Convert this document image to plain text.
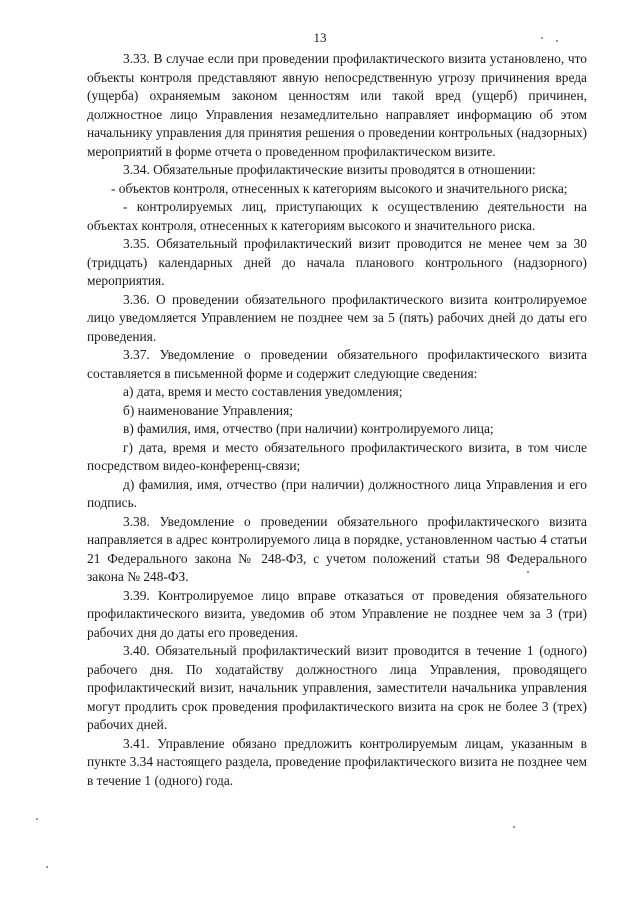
13

3.33. В случае если при проведении профилактического визита установлено, что объекты контроля представляют явную непосредственную угрозу причинения вреда (ущерба) охраняемым законом ценностям или такой вред (ущерб) причинен, должностное лицо Управления незамедлительно направляет информацию об этом начальнику управления для принятия решения о проведении контрольных (надзорных) мероприятий в форме отчета о проведенном профилактическом визите.

3.34. Обязательные профилактические визиты проводятся в отношении:

- объектов контроля, отнесенных к категориям высокого и значительного риска;

- контролируемых лиц, приступающих к осуществлению деятельности на объектах контроля, отнесенных к категориям высокого и значительного риска.

3.35. Обязательный профилактический визит проводится не менее чем за 30 (тридцать) календарных дней до начала планового контрольного (надзорного) мероприятия.

3.36. О проведении обязательного профилактического визита контролируемое лицо уведомляется Управлением не позднее чем за 5 (пять) рабочих дней до даты его проведения.

3.37. Уведомление о проведении обязательного профилактического визита составляется в письменной форме и содержит следующие сведения:

а) дата, время и место составления уведомления;

б) наименование Управления;

в) фамилия, имя, отчество (при наличии) контролируемого лица;

г) дата, время и место обязательного профилактического визита, в том числе посредством видео-конференц-связи;

д) фамилия, имя, отчество (при наличии) должностного лица Управления и его подпись.

3.38. Уведомление о проведении обязательного профилактического визита направляется в адрес контролируемого лица в порядке, установленном частью 4 статьи 21 Федерального закона № 248-ФЗ, с учетом положений статьи 98 Федерального закона № 248-ФЗ.

3.39. Контролируемое лицо вправе отказаться от проведения обязательного профилактического визита, уведомив об этом Управление не позднее чем за 3 (три) рабочих дня до даты его проведения.

3.40. Обязательный профилактический визит проводится в течение 1 (одного) рабочего дня. По ходатайству должностного лица Управления, проводящего профилактический визит, начальник управления, заместители начальника управления могут продлить срок проведения профилактического визита на срок не более 3 (трех) рабочих дней.

3.41. Управление обязано предложить контролируемым лицам, указанным в пункте 3.34 настоящего раздела, проведение профилактического визита не позднее чем в течение 1 (одного) года.
